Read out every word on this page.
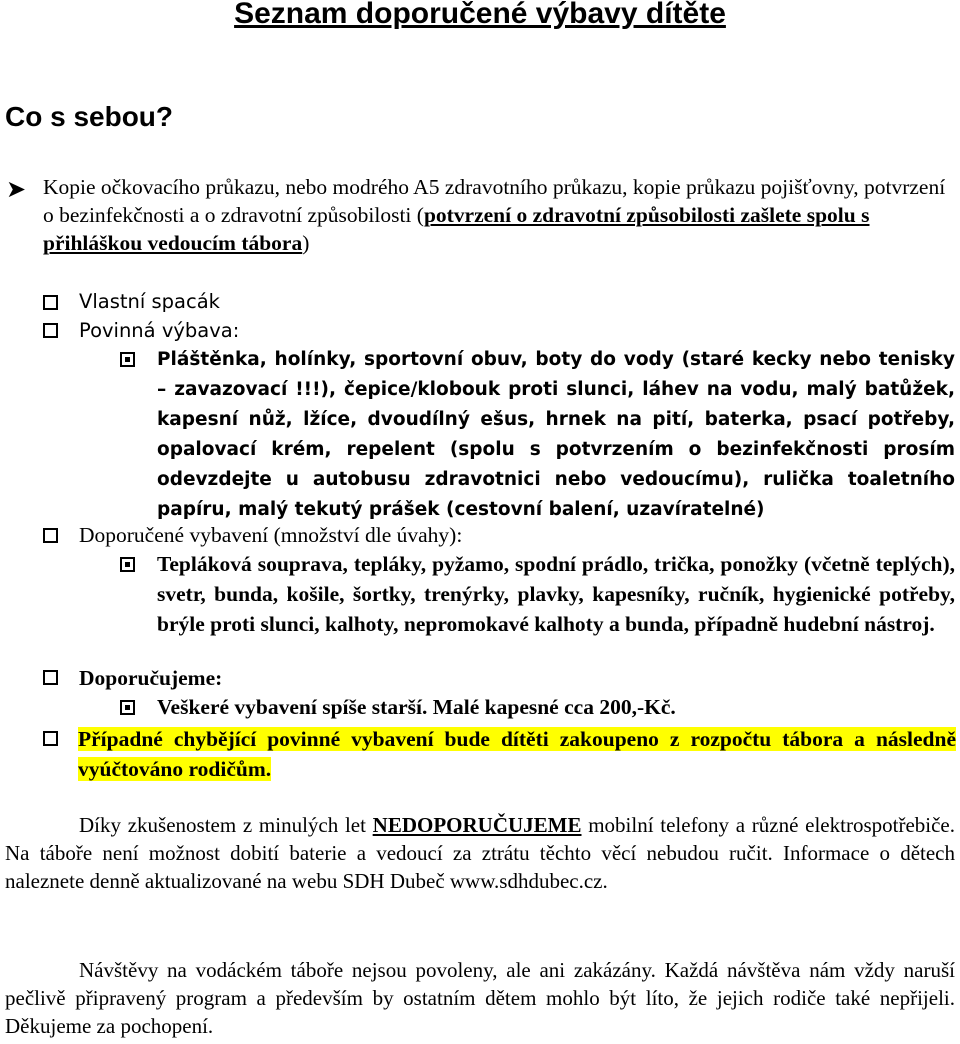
Seznam doporučené výbavy dítěte
Co s sebou?
➤ Kopie očkovacího průkazu, nebo modrého A5 zdravotního průkazu, kopie průkazu pojišťovny, potvrzení o bezinfekčnosti a o zdravotní způsobilosti (potvrzení o zdravotní způsobilosti zašlete spolu s přihláškou vedoucím tábora)
Vlastní spacák
Povinná výbava:
Pláštěnka, holínky, sportovní obuv, boty do vody (staré kecky nebo tenisky – zavazovací !!!), čepice/klobouk proti slunci, láhev na vodu, malý batůžek, kapesní nůž, lžíce, dvoudílný ešus, hrnek na pití, baterka, psací potřeby, opalovací krém, repelent (spolu s potvrzením o bezinfekčnosti prosím odevzdejte u autobusu zdravotnici nebo vedoucímu), rulička toaletního papíru, malý tekutý prášek (cestovní balení, uzavíratelné)
Doporučené vybavení (množství dle úvahy):
Tepláková souprava, tepláky, pyžamo, spodní prádlo, trička, ponožky (včetně teplých), svetr, bunda, košile, šortky, trenýrky, plavky, kapesníky, ručník, hygienické potřeby, brýle proti slunci, kalhoty, nepromokavé kalhoty a bunda, případně hudební nástroj.
Doporučujeme:
Veškeré vybavení spíše starší. Malé kapesné cca 200,-Kč.
Případné chybějící povinné vybavení bude dítěti zakoupeno z rozpočtu tábora a následně vyúčtováno rodičům.
Díky zkušenostem z minulých let NEDOPORUČUJEME mobilní telefony a různé elektrospotřebiče. Na táboře není možnost dobití baterie a vedoucí za ztrátu těchto věcí nebudou ručit. Informace o dětech naleznete denně aktualizované na webu SDH Dubeč www.sdhdubec.cz.
Návštěvy na vodáckém táboře nejsou povoleny, ale ani zakázány. Každá návštěva nám vždy naruší pečlivě připravený program a především by ostatním dětem mohlo být líto, že jejich rodiče také nepřijeli. Děkujeme za pochopení.
